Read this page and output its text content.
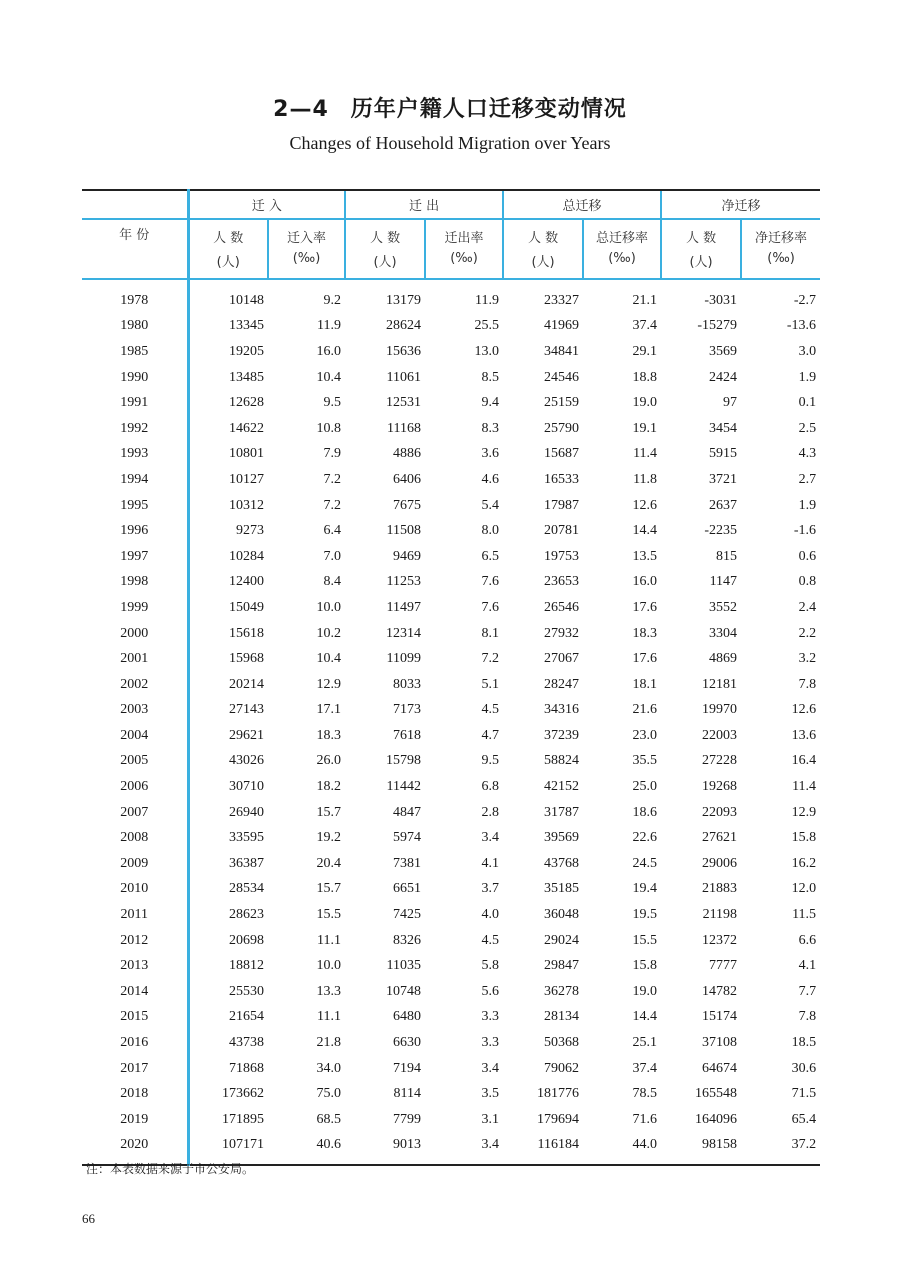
2—4 历年户籍人口迁移变动情况
Changes of Household Migration over Years
	迁 入		迁 出		总迁移		净迁移	
年 份	人 数	迁入率	人 数	迁出率	人 数	总迁移率	人 数	净迁移率
	(人)	(‰)	(人)	(‰)	(人)	(‰)	(人)	(‰)
1978	10148	9.2	13179	11.9	23327	21.1	-3031	-2.7
1980	13345	11.9	28624	25.5	41969	37.4	-15279	-13.6
1985	19205	16.0	15636	13.0	34841	29.1	3569	3.0
1990	13485	10.4	11061	8.5	24546	18.8	2424	1.9
1991	12628	9.5	12531	9.4	25159	19.0	97	0.1
1992	14622	10.8	11168	8.3	25790	19.1	3454	2.5
1993	10801	7.9	4886	3.6	15687	11.4	5915	4.3
1994	10127	7.2	6406	4.6	16533	11.8	3721	2.7
1995	10312	7.2	7675	5.4	17987	12.6	2637	1.9
1996	9273	6.4	11508	8.0	20781	14.4	-2235	-1.6
1997	10284	7.0	9469	6.5	19753	13.5	815	0.6
1998	12400	8.4	11253	7.6	23653	16.0	1147	0.8
1999	15049	10.0	11497	7.6	26546	17.6	3552	2.4
2000	15618	10.2	12314	8.1	27932	18.3	3304	2.2
2001	15968	10.4	11099	7.2	27067	17.6	4869	3.2
2002	20214	12.9	8033	5.1	28247	18.1	12181	7.8
2003	27143	17.1	7173	4.5	34316	21.6	19970	12.6
2004	29621	18.3	7618	4.7	37239	23.0	22003	13.6
2005	43026	26.0	15798	9.5	58824	35.5	27228	16.4
2006	30710	18.2	11442	6.8	42152	25.0	19268	11.4
2007	26940	15.7	4847	2.8	31787	18.6	22093	12.9
2008	33595	19.2	5974	3.4	39569	22.6	27621	15.8
2009	36387	20.4	7381	4.1	43768	24.5	29006	16.2
2010	28534	15.7	6651	3.7	35185	19.4	21883	12.0
2011	28623	15.5	7425	4.0	36048	19.5	21198	11.5
2012	20698	11.1	8326	4.5	29024	15.5	12372	6.6
2013	18812	10.0	11035	5.8	29847	15.8	7777	4.1
2014	25530	13.3	10748	5.6	36278	19.0	14782	7.7
2015	21654	11.1	6480	3.3	28134	14.4	15174	7.8
2016	43738	21.8	6630	3.3	50368	25.1	37108	18.5
2017	71868	34.0	7194	3.4	79062	37.4	64674	30.6
2018	173662	75.0	8114	3.5	181776	78.5	165548	71.5
2019	171895	68.5	7799	3.1	179694	71.6	164096	65.4
2020	107171	40.6	9013	3.4	116184	44.0	98158	37.2
注：本表数据来源于市公安局。
66
